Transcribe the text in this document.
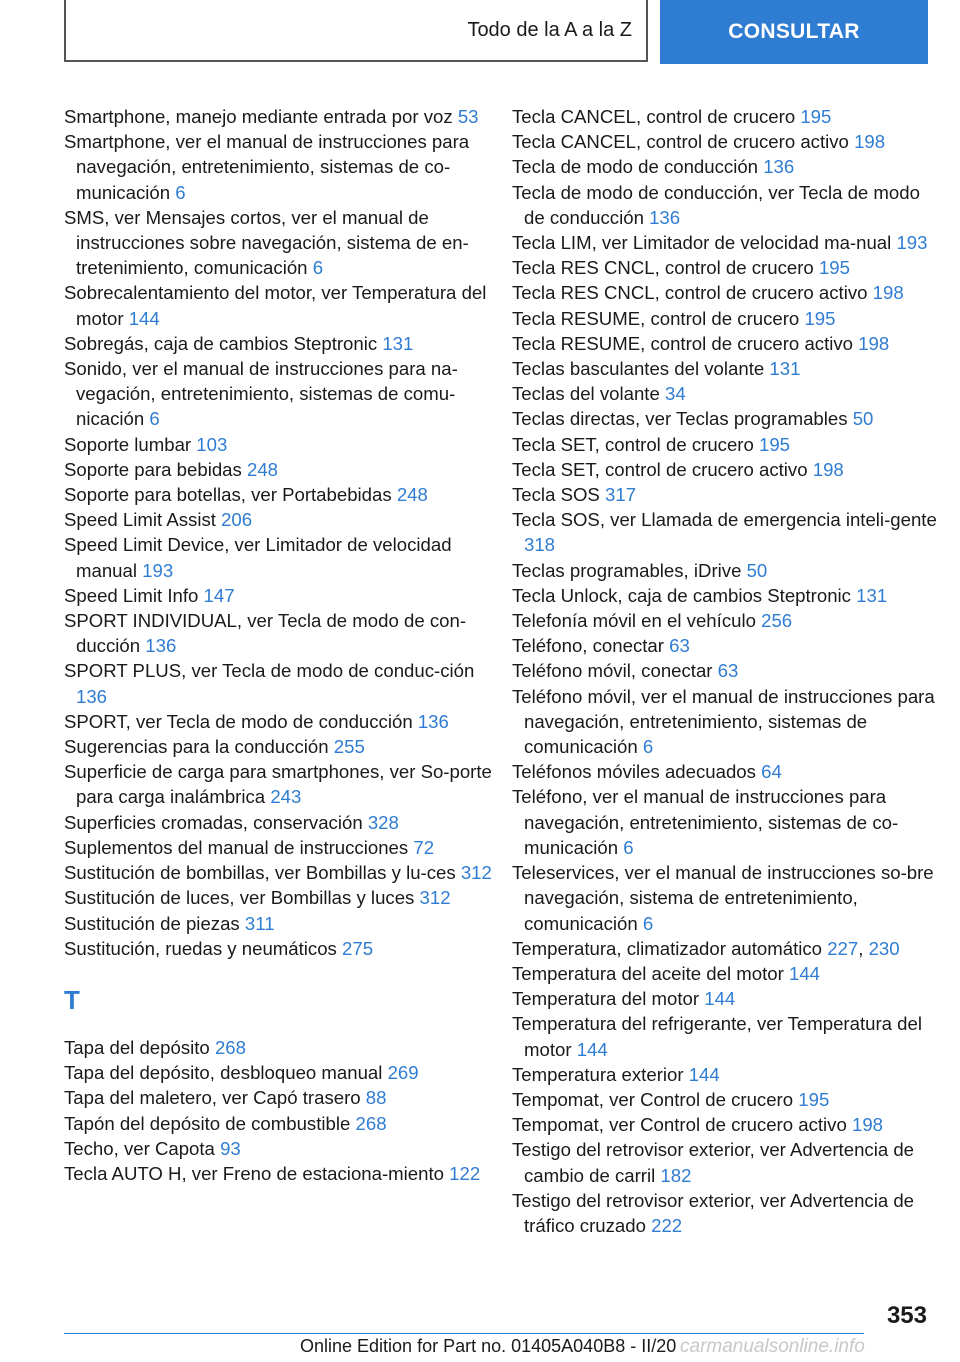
Todo de la A a la Z	CONSULTAR

Smartphone, manejo mediante entrada por voz 53

Smartphone, ver el manual de instrucciones para navegación, entretenimiento, sistemas de co-municación 6

SMS, ver Mensajes cortos, ver el manual de instrucciones sobre navegación, sistema de en-tretenimiento, comunicación 6

Sobrecalentamiento del motor, ver Temperatura del motor 144

Sobregás, caja de cambios Steptronic 131

Sonido, ver el manual de instrucciones para na-vegación, entretenimiento, sistemas de comu-nicación 6

Soporte lumbar 103

Soporte para bebidas 248

Soporte para botellas, ver Portabebidas 248

Speed Limit Assist 206

Speed Limit Device, ver Limitador de velocidad manual 193

Speed Limit Info 147

SPORT INDIVIDUAL, ver Tecla de modo de con-ducción 136

SPORT PLUS, ver Tecla de modo de conduc-ción 136

SPORT, ver Tecla de modo de conducción 136

Sugerencias para la conducción 255

Superficie de carga para smartphones, ver So-porte para carga inalámbrica 243

Superficies cromadas, conservación 328

Suplementos del manual de instrucciones 72

Sustitución de bombillas, ver Bombillas y lu-ces 312

Sustitución de luces, ver Bombillas y luces 312

Sustitución de piezas 311

Sustitución, ruedas y neumáticos 275

T

Tapa del depósito 268

Tapa del depósito, desbloqueo manual 269

Tapa del maletero, ver Capó trasero 88

Tapón del depósito de combustible 268

Techo, ver Capota 93

Tecla AUTO H, ver Freno de estaciona-miento 122

Tecla CANCEL, control de crucero 195

Tecla CANCEL, control de crucero activo 198

Tecla de modo de conducción 136

Tecla de modo de conducción, ver Tecla de modo de conducción 136

Tecla LIM, ver Limitador de velocidad ma-nual 193

Tecla RES CNCL, control de crucero 195

Tecla RES CNCL, control de crucero activo 198

Tecla RESUME, control de crucero 195

Tecla RESUME, control de crucero activo 198

Teclas basculantes del volante 131

Teclas del volante 34

Teclas directas, ver Teclas programables 50

Tecla SET, control de crucero 195

Tecla SET, control de crucero activo 198

Tecla SOS 317

Tecla SOS, ver Llamada de emergencia inteli-gente 318

Teclas programables, iDrive 50

Tecla Unlock, caja de cambios Steptronic 131

Telefonía móvil en el vehículo 256

Teléfono, conectar 63

Teléfono móvil, conectar 63

Teléfono móvil, ver el manual de instrucciones para navegación, entretenimiento, sistemas de comunicación 6

Teléfonos móviles adecuados 64

Teléfono, ver el manual de instrucciones para navegación, entretenimiento, sistemas de co-municación 6

Teleservices, ver el manual de instrucciones so-bre navegación, sistema de entretenimiento, comunicación 6

Temperatura, climatizador automático 227, 230

Temperatura del aceite del motor 144

Temperatura del motor 144

Temperatura del refrigerante, ver Temperatura del motor 144

Temperatura exterior 144

Tempomat, ver Control de crucero 195

Tempomat, ver Control de crucero activo 198

Testigo del retrovisor exterior, ver Advertencia de cambio de carril 182

Testigo del retrovisor exterior, ver Advertencia de tráfico cruzado 222

353
Online Edition for Part no. 01405A040B8 - II/20 carmanualsonline.info
